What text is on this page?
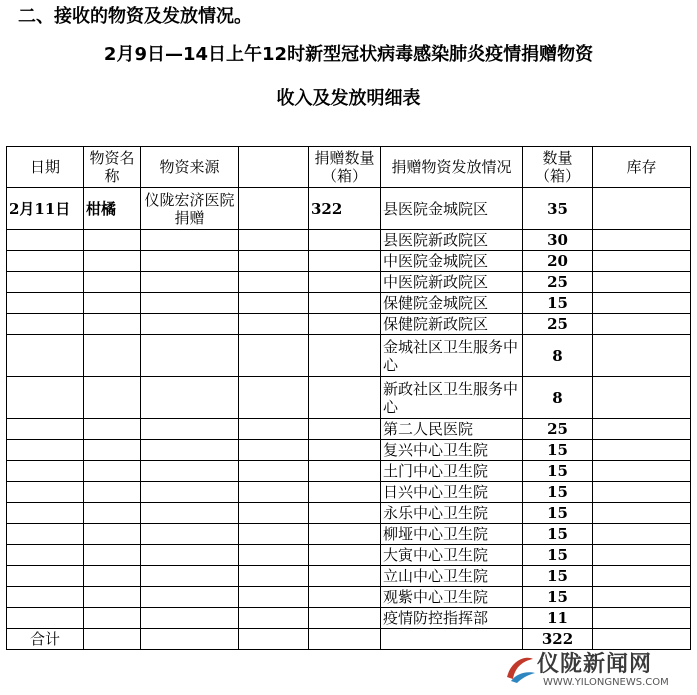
二、接收的物资及发放情况。
2月9日—14日上午12时新型冠状病毒感染肺炎疫情捐赠物资
收入及发放明细表
日期	物资名称	物资来源		捐赠数量（箱）	捐赠物资发放情况	数量（箱）	库存
2月11日	柑橘	仪陇宏济医院捐赠		322	县医院金城院区	35	
					县医院新政院区	30	
					中医院金城院区	20	
					中医院新政院区	25	
					保健院金城院区	15	
					保健院新政院区	25	
					金城社区卫生服务中心	8	
					新政社区卫生服务中心	8	
					第二人民医院	25	
					复兴中心卫生院	15	
					土门中心卫生院	15	
					日兴中心卫生院	15	
					永乐中心卫生院	15	
					柳垭中心卫生院	15	
					大寅中心卫生院	15	
					立山中心卫生院	15	
					观紫中心卫生院	15	
					疫情防控指挥部	11	
合计						322	
仪陇新闻网
WWW.YILONGNEWS.COM
